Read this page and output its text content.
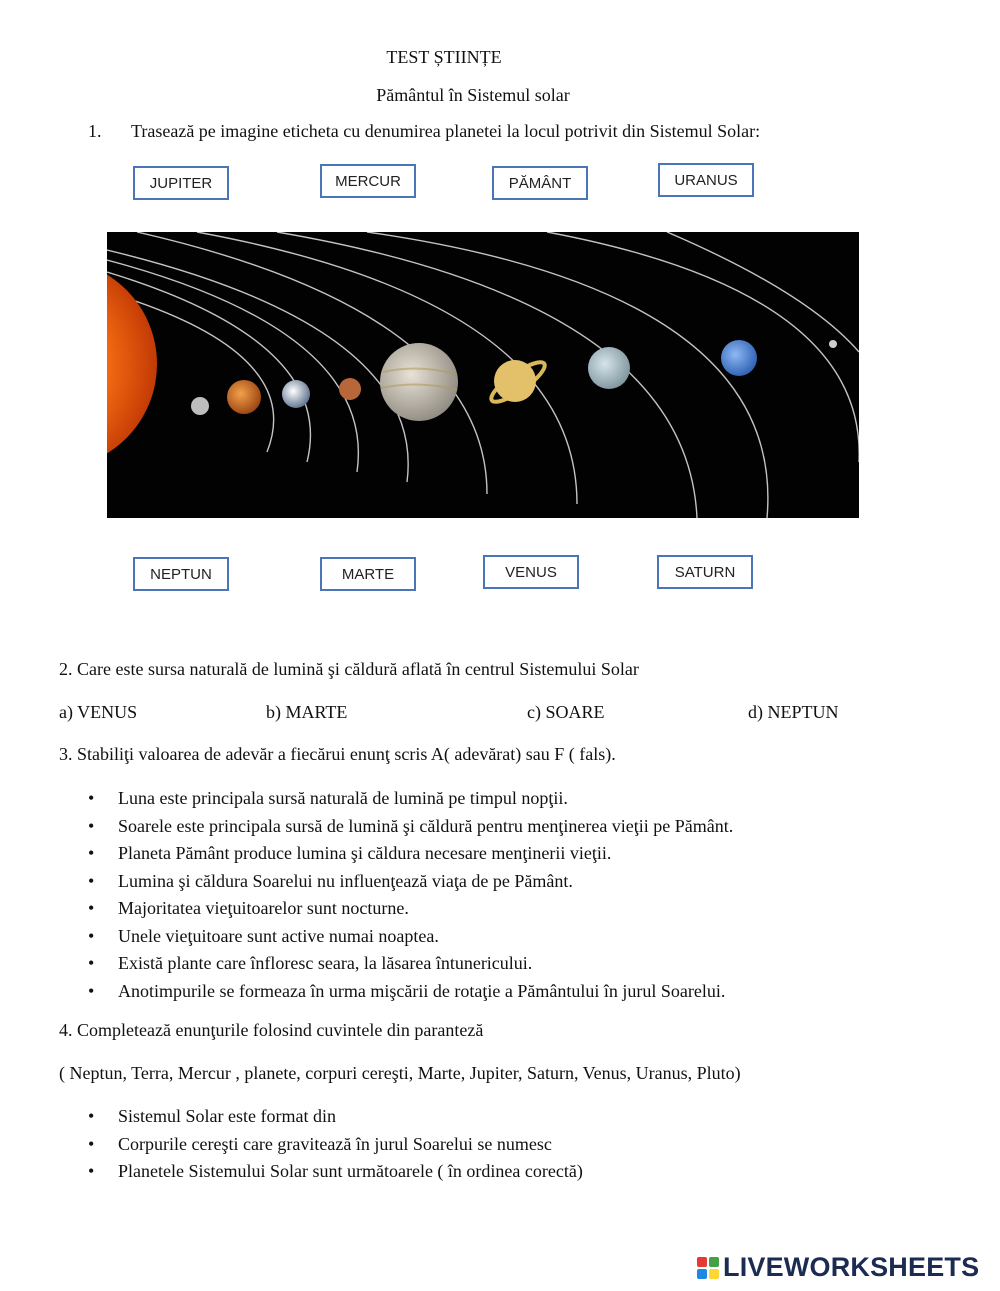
TEST ȘTIINȚE
Pământul în Sistemul solar
1. Trasează pe imagine eticheta cu denumirea planetei la locul potrivit din Sistemul Solar:
JUPITER	MERCUR	PĂMÂNT	URANUS
NEPTUN	MARTE	VENUS	SATURN
2. Care este sursa naturală de lumină şi căldură aflată în centrul Sistemului Solar
a) VENUS	b) MARTE	c) SOARE	d) NEPTUN
3. Stabiliţi valoarea de adevăr a fiecărui enunţ scris A( adevărat) sau F ( fals).
• Luna este principala sursă naturală de lumină pe timpul nopţii.
• Soarele este principala sursă de lumină şi căldură pentru menţinerea vieţii pe Pământ.
• Planeta Pământ produce lumina şi căldura necesare menţinerii vieţii.
• Lumina şi căldura Soarelui nu influenţează viaţa de pe Pământ.
• Majoritatea vieţuitoarelor sunt nocturne.
• Unele vieţuitoare sunt active numai noaptea.
• Există plante care înfloresc seara, la lăsarea întunericului.
• Anotimpurile se formeaza în urma mişcării de rotaţie a Pământului în jurul Soarelui.
4. Completează enunţurile folosind cuvintele din paranteză
( Neptun, Terra, Mercur , planete, corpuri cereşti, Marte, Jupiter, Saturn, Venus, Uranus, Pluto)
• Sistemul Solar este format din
• Corpurile cereşti care gravitează în jurul Soarelui se numesc
• Planetele Sistemului Solar sunt următoarele ( în ordinea corectă)
LIVEWORKSHEETS
